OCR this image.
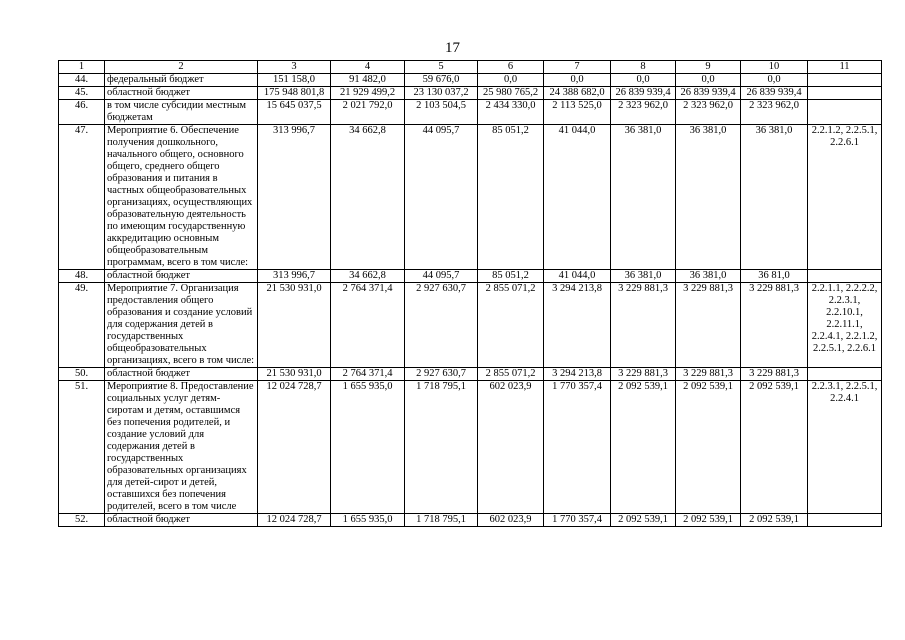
17
1	2	3	4	5	6	7	8	9	10	11
44.	федеральный бюджет	151 158,0	91 482,0	59 676,0	0,0	0,0	0,0	0,0	0,0	
45.	областной бюджет	175 948 801,8	21 929 499,2	23 130 037,2	25 980 765,2	24 388 682,0	26 839 939,4	26 839 939,4	26 839 939,4	
46.	в том числе субсидии местным бюджетам	15 645 037,5	2 021 792,0	2 103 504,5	2 434 330,0	2 113 525,0	2 323 962,0	2 323 962,0	2 323 962,0	
47.	Мероприятие 6. Обеспечение получения дошкольного, начального общего, основного общего, среднего общего образования и питания в частных общеобразовательных организациях, осуществляющих образовательную деятельность по имеющим государственную аккредитацию основным общеобразовательным программам, всего в том числе:	313 996,7	34 662,8	44 095,7	85 051,2	41 044,0	36 381,0	36 381,0	36 381,0	2.2.1.2, 2.2.5.1, 2.2.6.1
48.	областной бюджет	313 996,7	34 662,8	44 095,7	85 051,2	41 044,0	36 381,0	36 381,0	36 81,0	
49.	Мероприятие 7. Организация предоставления общего образования и создание условий для содержания детей в государственных общеобразовательных организациях, всего в том числе:	21 530 931,0	2 764 371,4	2 927 630,7	2 855 071,2	3 294 213,8	3 229 881,3	3 229 881,3	3 229 881,3	2.2.1.1, 2.2.2.2, 2.2.3.1, 2.2.10.1, 2.2.11.1, 2.2.4.1, 2.2.1.2, 2.2.5.1, 2.2.6.1
50.	областной бюджет	21 530 931,0	2 764 371,4	2 927 630,7	2 855 071,2	3 294 213,8	3 229 881,3	3 229 881,3	3 229 881,3	
51.	Мероприятие 8. Предоставление социальных услуг детям-сиротам и детям, оставшимся без попечения родителей, и создание условий для содержания детей в государственных образовательных организациях для детей-сирот и детей, оставшихся без попечения родителей, всего в том числе	12 024 728,7	1 655 935,0	1 718 795,1	602 023,9	1 770 357,4	2 092 539,1	2 092 539,1	2 092 539,1	2.2.3.1, 2.2.5.1, 2.2.4.1
52.	областной бюджет	12 024 728,7	1 655 935,0	1 718 795,1	602 023,9	1 770 357,4	2 092 539,1	2 092 539,1	2 092 539,1	
